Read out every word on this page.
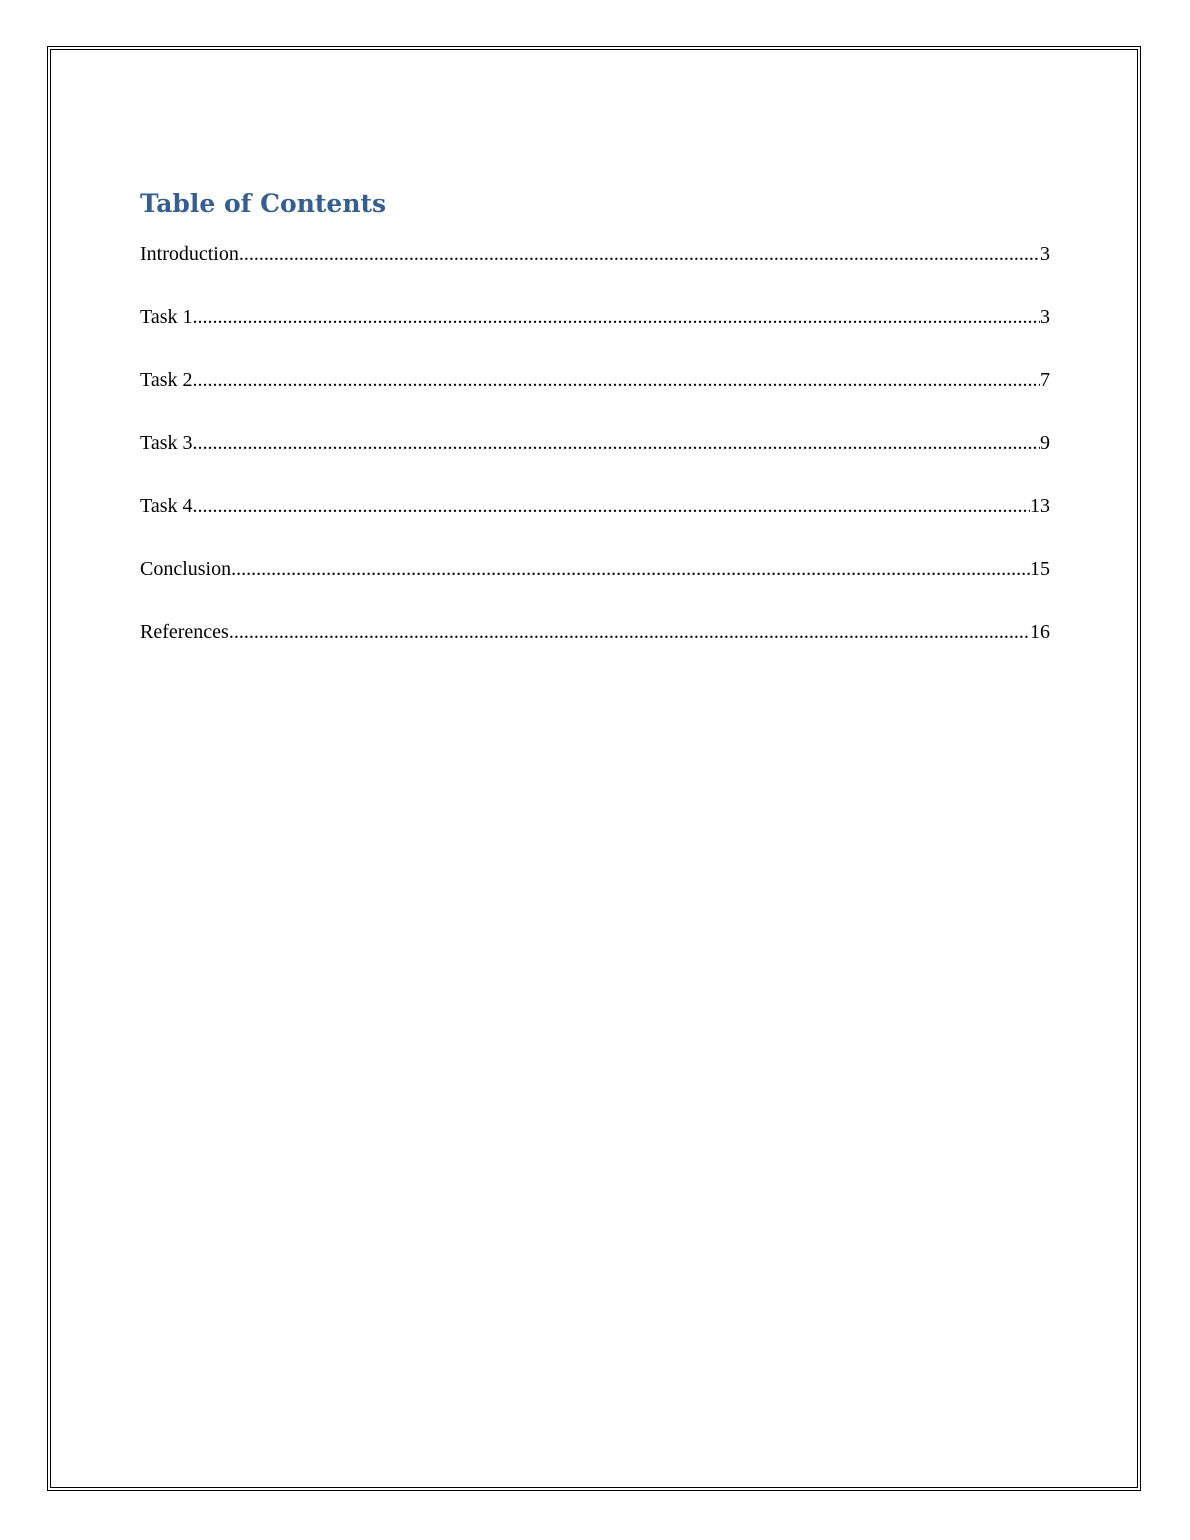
Table of Contents
Introduction .....	3
Task 1 .....	3
Task 2 .....	7
Task 3 .....	9
Task 4 .....	13
Conclusion .....	15
References .....	16
